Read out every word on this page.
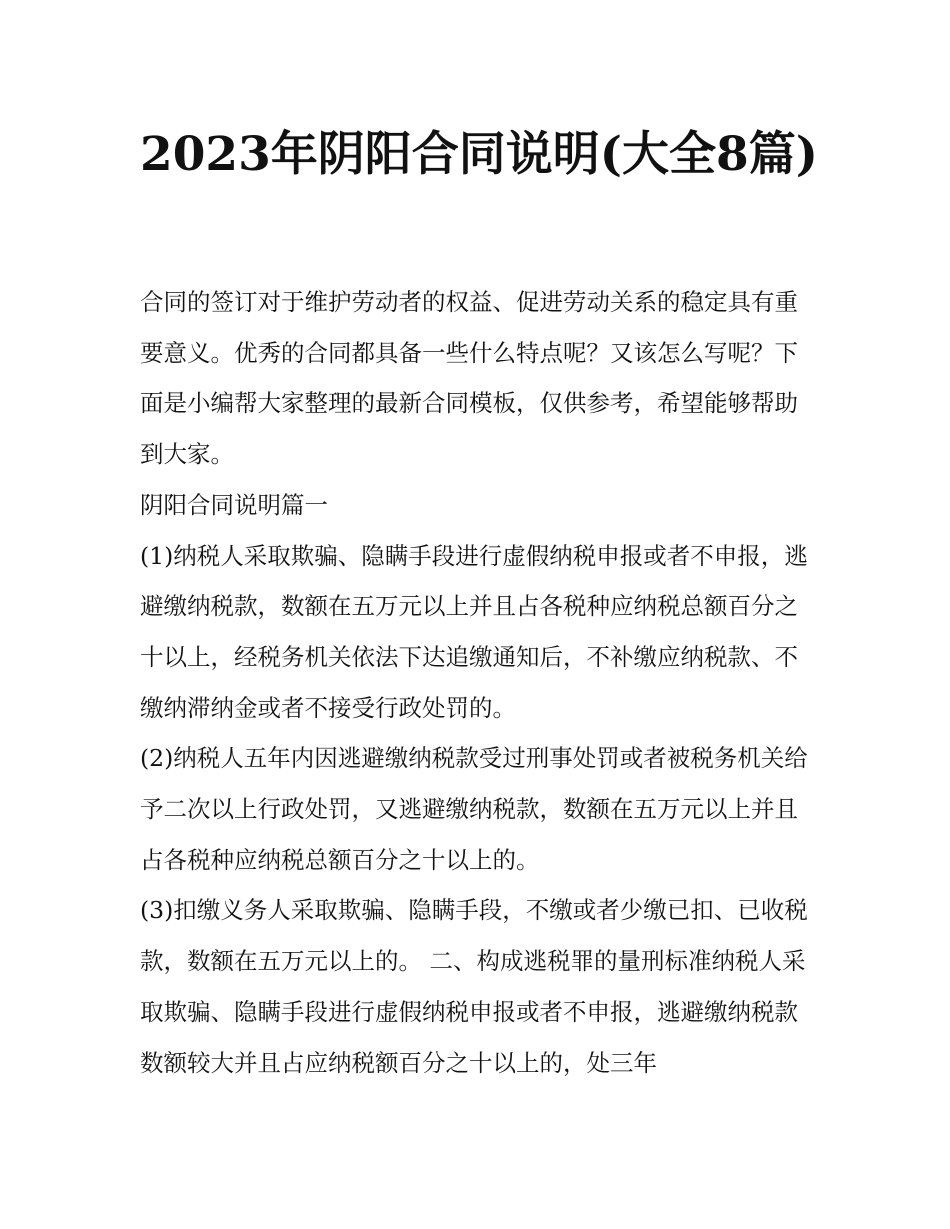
2023年阴阳合同说明(大全8篇)

合同的签订对于维护劳动者的权益、促进劳动关系的稳定具有重要意义。优秀的合同都具备一些什么特点呢？又该怎么写呢？下面是小编帮大家整理的最新合同模板，仅供参考，希望能够帮助到大家。

阴阳合同说明篇一

(1)纳税人采取欺骗、隐瞒手段进行虚假纳税申报或者不申报，逃避缴纳税款，数额在五万元以上并且占各税种应纳税总额百分之十以上，经税务机关依法下达追缴通知后，不补缴应纳税款、不缴纳滞纳金或者不接受行政处罚的。

(2)纳税人五年内因逃避缴纳税款受过刑事处罚或者被税务机关给予二次以上行政处罚，又逃避缴纳税款，数额在五万元以上并且占各税种应纳税总额百分之十以上的。

(3)扣缴义务人采取欺骗、隐瞒手段，不缴或者少缴已扣、已收税款，数额在五万元以上的。 二、构成逃税罪的量刑标准纳税人采取欺骗、隐瞒手段进行虚假纳税申报或者不申报，逃避缴纳税款数额较大并且占应纳税额百分之十以上的，处三年
